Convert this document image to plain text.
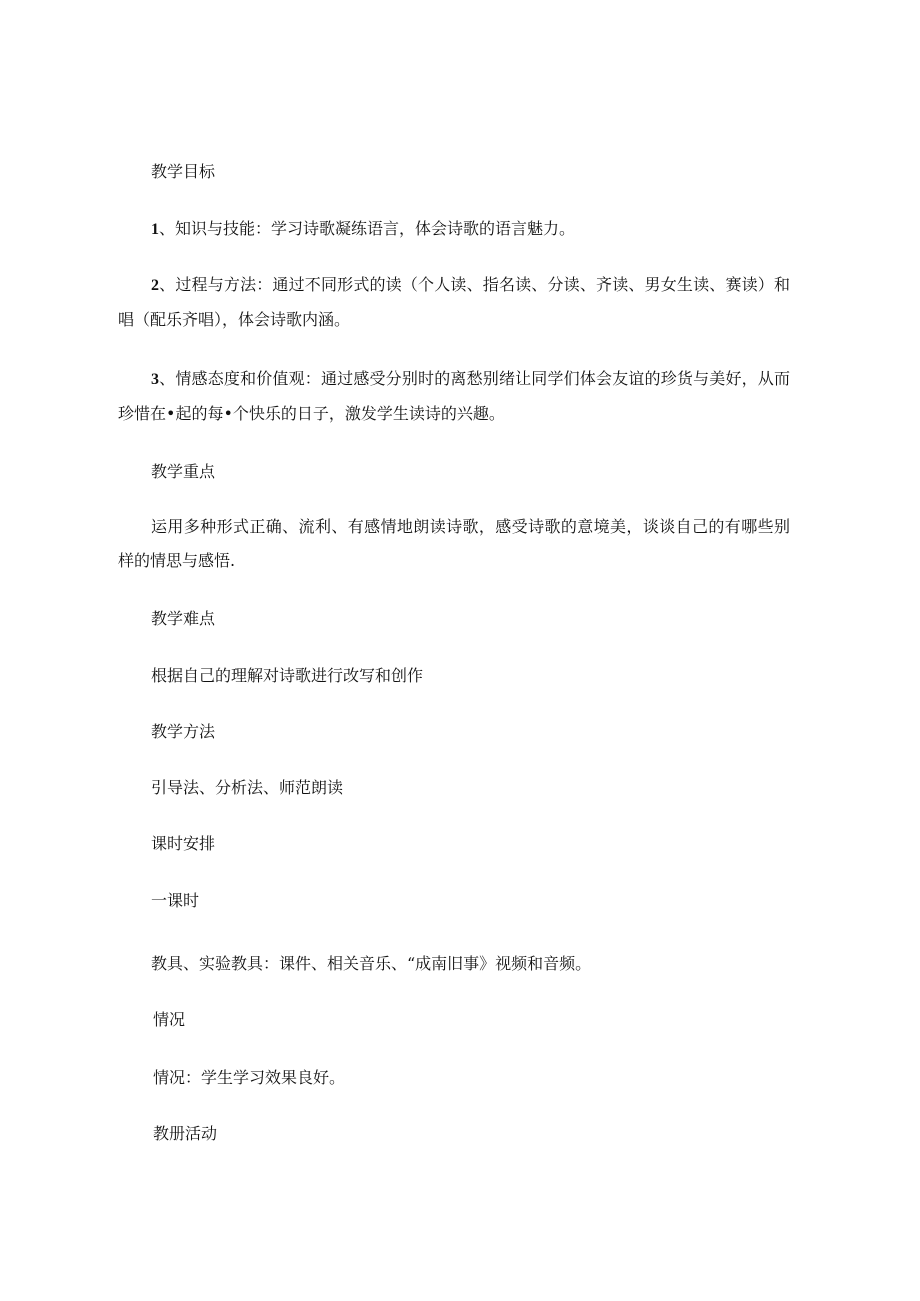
教学目标
1、知识与技能：学习诗歌凝练语言，体会诗歌的语言魅力。
2、过程与方法：通过不同形式的读（个人读、指名读、分读、齐读、男女生读、赛读）和唱（配乐齐唱），体会诗歌内涵。
3、情感态度和价值观：通过感受分别时的离愁别绪让同学们体会友谊的珍货与美好，从而珍惜在•起的每•个快乐的日子，激发学生读诗的兴趣。
教学重点
运用多种形式正确、流利、有感情地朗读诗歌，感受诗歌的意境美，谈谈自己的有哪些别样的情思与感悟.
教学难点
根据自己的理解对诗歌进行改写和创作
教学方法
引导法、分析法、师范朗读
课时安排
一课时
教具、实验教具：课件、相关音乐、“成南旧事》视频和音频。
情况
情况：学生学习效果良好。
教册活动
